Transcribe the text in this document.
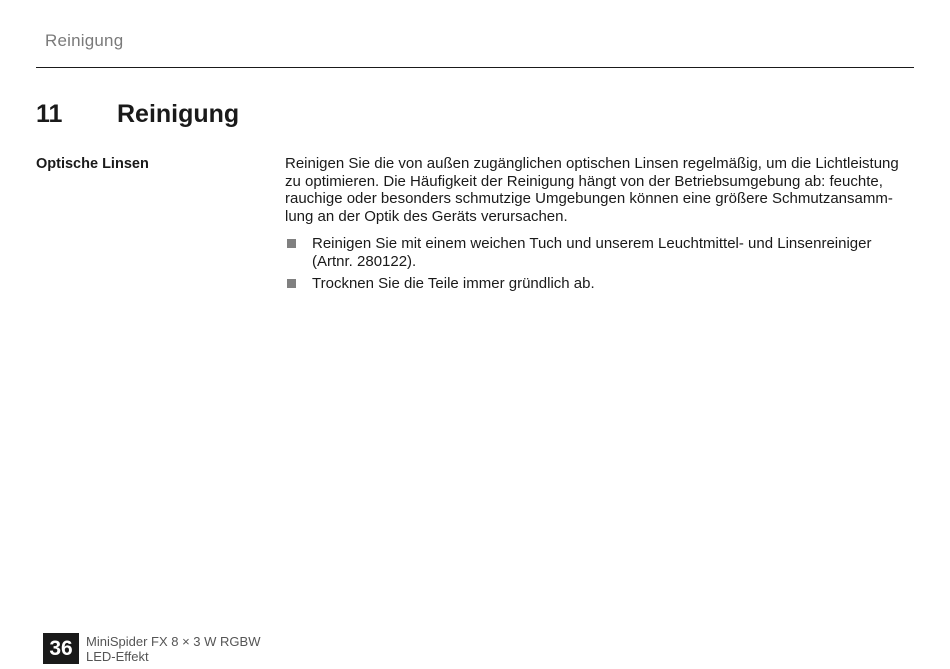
Reinigung
11 Reinigung
Optische Linsen	Reinigen Sie die von außen zugänglichen optischen Linsen regelmäßig, um die Lichtleistung zu optimieren. Die Häufigkeit der Reinigung hängt von der Betriebsumgebung ab: feuchte, rauchige oder besonders schmutzige Umgebungen können eine größere Schmutzansamm-lung an der Optik des Geräts verursachen.

Reinigen Sie mit einem weichen Tuch und unserem Leuchtmittel- und Linsenreiniger (Artnr. 280122).
Trocknen Sie die Teile immer gründlich ab.
36	MiniSpider FX 8 × 3 W RGBW
LED-Effekt
